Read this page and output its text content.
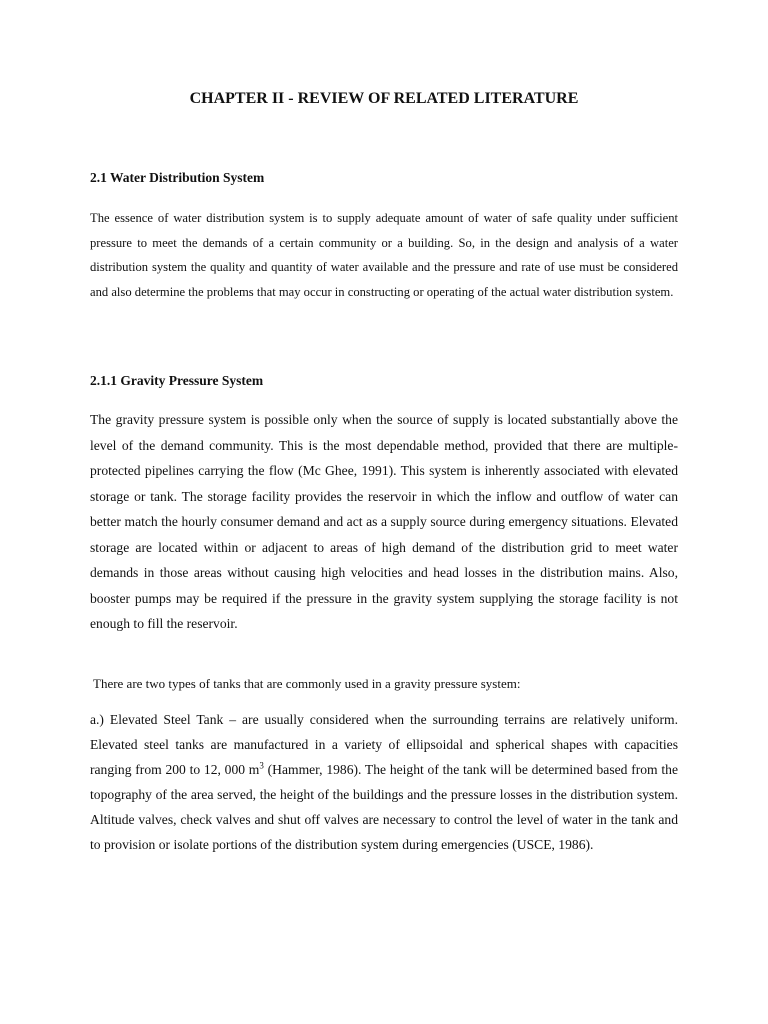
CHAPTER II - REVIEW OF RELATED LITERATURE
2.1 Water Distribution System

The essence of water distribution system is to supply adequate amount of water of safe quality under sufficient pressure to meet the demands of a certain community or a building. So, in the design and analysis of a water distribution system the quality and quantity of water available and the pressure and rate of use must be considered and also determine the problems that may occur in constructing or operating of the actual water distribution system.

2.1.1 Gravity Pressure System

The gravity pressure system is possible only when the source of supply is located substantially above the level of the demand community. This is the most dependable method, provided that there are multiple-protected pipelines carrying the flow (Mc Ghee, 1991). This system is inherently associated with elevated storage or tank. The storage facility provides the reservoir in which the inflow and outflow of water can better match the hourly consumer demand and act as a supply source during emergency situations. Elevated storage are located within or adjacent to areas of high demand of the distribution grid to meet water demands in those areas without causing high velocities and head losses in the distribution mains. Also, booster pumps may be required if the pressure in the gravity system supplying the storage facility is not enough to fill the reservoir.

There are two types of tanks that are commonly used in a gravity pressure system:

a.) Elevated Steel Tank – are usually considered when the surrounding terrains are relatively uniform. Elevated steel tanks are manufactured in a variety of ellipsoidal and spherical shapes with capacities ranging from 200 to 12, 000 $m^3$ (Hammer, 1986). The height of the tank will be determined based from the topography of the area served, the height of the buildings and the pressure losses in the distribution system. Altitude valves, check valves and shut off valves are necessary to control the level of water in the tank and to provision or isolate portions of the distribution system during emergencies (USCE, 1986).
